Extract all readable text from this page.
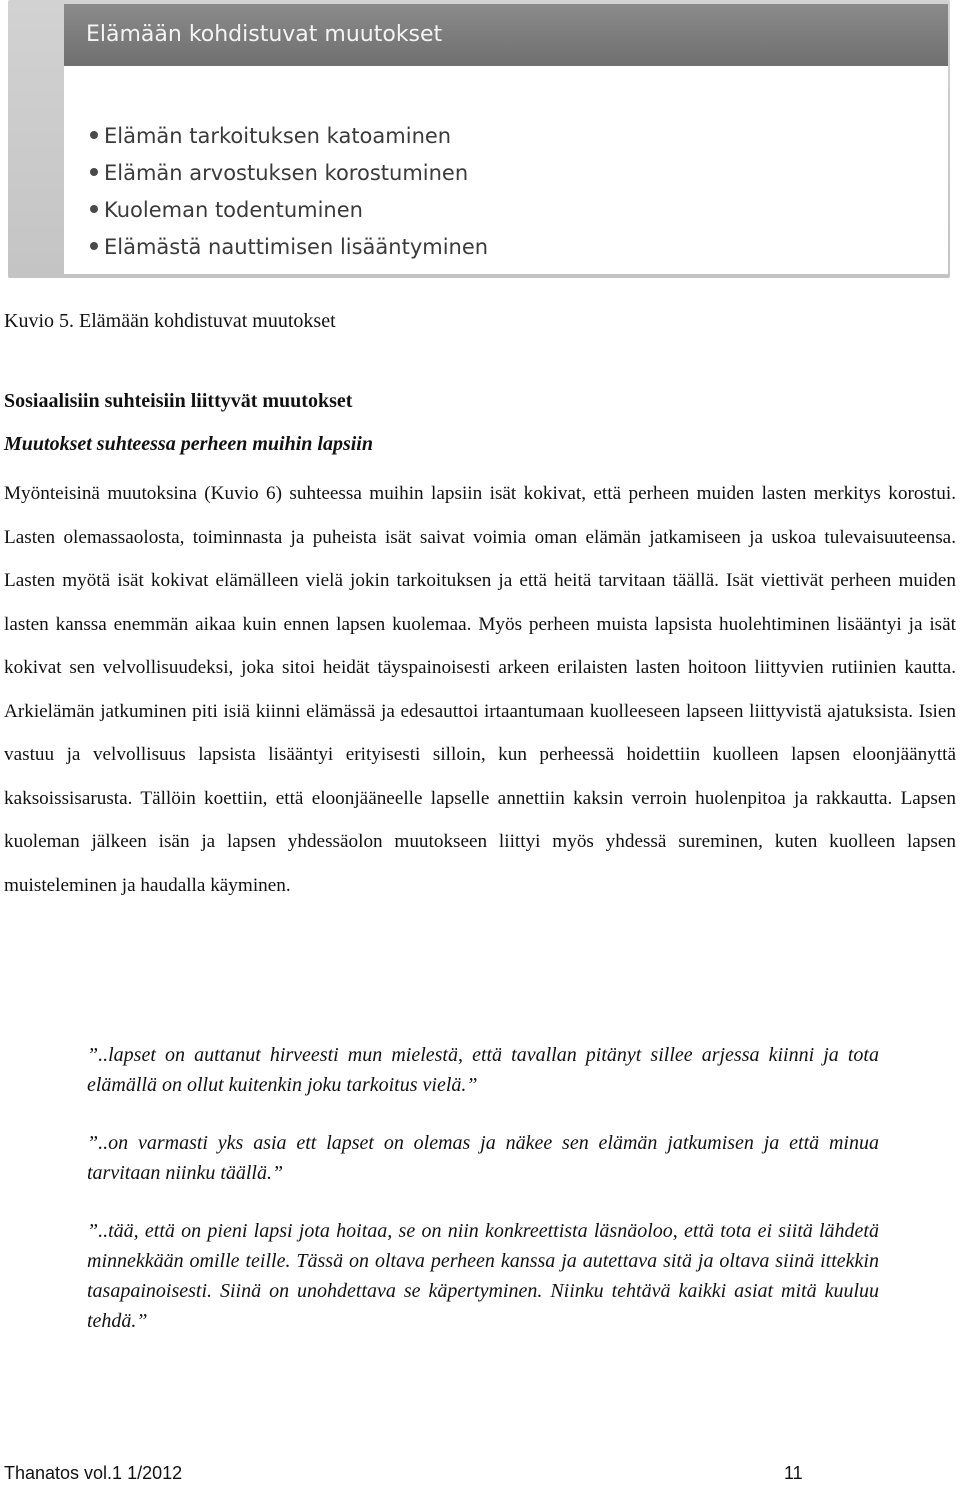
Elämään kohdistuvat muutokset
Elämän tarkoituksen katoaminen
Elämän arvostuksen korostuminen
Kuoleman todentuminen
Elämästä nauttimisen lisääntyminen
Kuvio 5. Elämään kohdistuvat muutokset
Sosiaalisiin suhteisiin liittyvät muutokset
Muutokset suhteessa perheen muihin lapsiin

Myönteisinä muutoksina (Kuvio 6) suhteessa muihin lapsiin isät kokivat, että perheen muiden lasten merkitys korostui. Lasten olemassaolosta, toiminnasta ja puheista isät saivat voimia oman elämän jatkamiseen ja uskoa tulevaisuuteensa. Lasten myötä isät kokivat elämälleen vielä jokin tarkoituksen ja että heitä tarvitaan täällä. Isät viettivät perheen muiden lasten kanssa enemmän aikaa kuin ennen lapsen kuolemaa. Myös perheen muista lapsista huolehtiminen lisääntyi ja isät kokivat sen velvollisuudeksi, joka sitoi heidät täyspainoisesti arkeen erilaisten lasten hoitoon liittyvien rutiinien kautta. Arkielämän jatkuminen piti isiä kiinni elämässä ja edesauttoi irtaantumaan kuolleeseen lapseen liittyvistä ajatuksista. Isien vastuu ja velvollisuus lapsista lisääntyi erityisesti silloin, kun perheessä hoidettiin kuolleen lapsen eloonjäänyttä kaksoissisarusta. Tällöin koettiin, että eloonjääneelle lapselle annettiin kaksin verroin huolenpitoa ja rakkautta. Lapsen kuoleman jälkeen isän ja lapsen yhdessäolon muutokseen liittyi myös yhdessä sureminen, kuten kuolleen lapsen muisteleminen ja haudalla käyminen.

”..lapset on auttanut hirveesti mun mielestä, että tavallan pitänyt sillee arjessa kiinni ja tota elämällä on ollut kuitenkin joku tarkoitus vielä.”

”..on varmasti yks asia ett lapset on olemas ja näkee sen elämän jatkumisen ja että minua tarvitaan niinku täällä.”

”..tää, että on pieni lapsi jota hoitaa, se on niin konkreettista läsnäoloo, että tota ei siitä lähdetä minnekkään omille teille. Tässä on oltava perheen kanssa ja autettava sitä ja oltava siinä ittekkin tasapainoisesti. Siinä on unohdettava se käpertyminen. Niinku tehtävä kaikki asiat mitä kuuluu tehdä.”

Thanatos vol.1 1/2012	11
